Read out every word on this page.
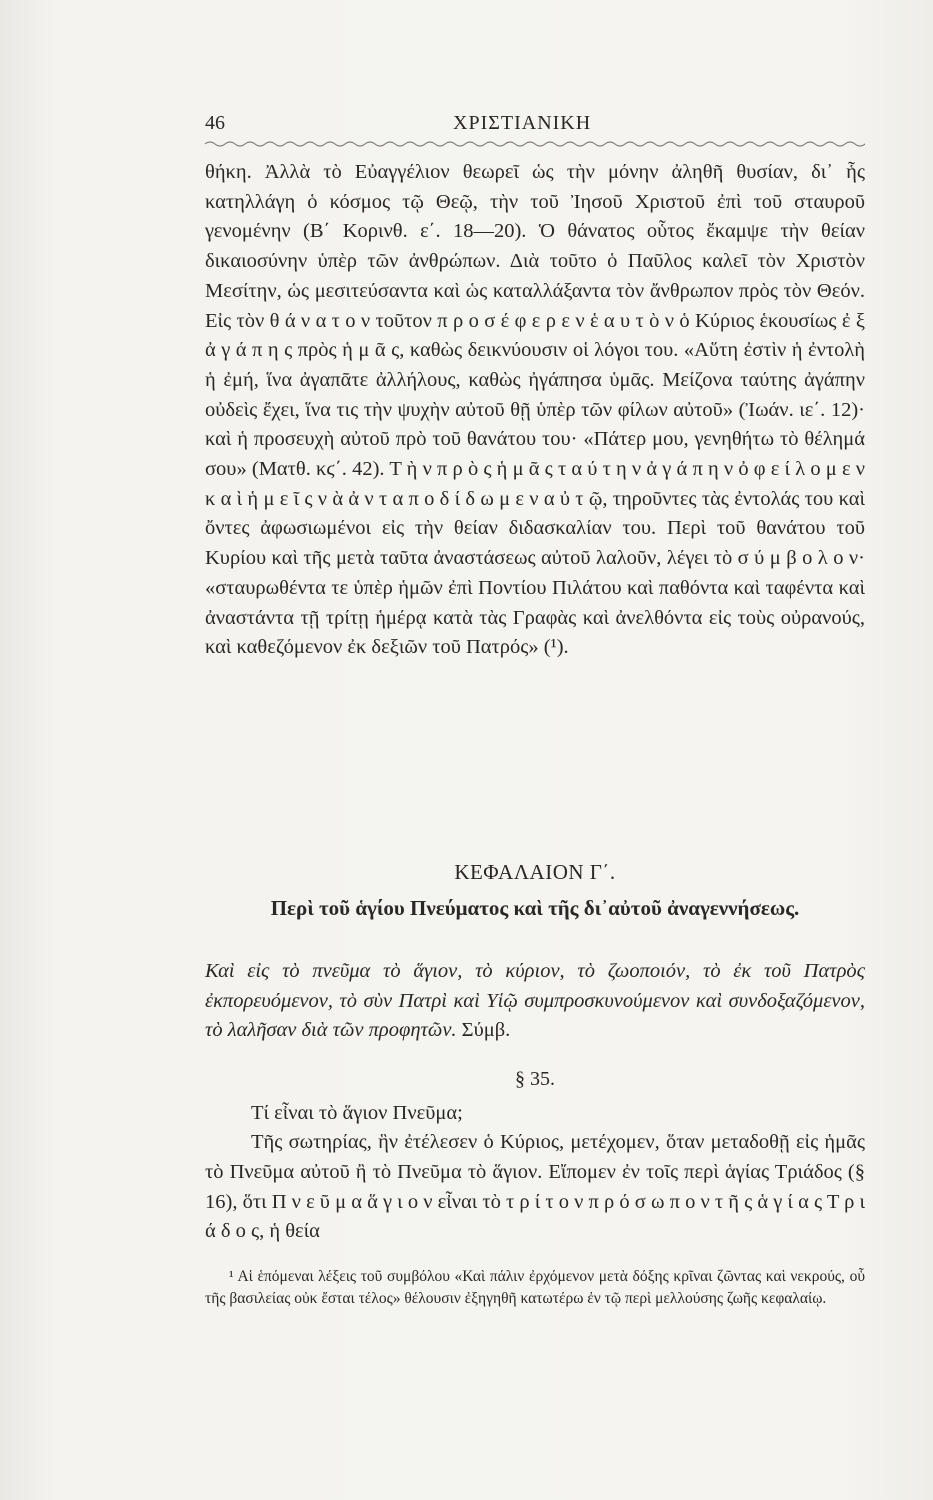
46	ΧΡΙΣΤΙΑΝΙΚΗ

θήκη. Ἀλλὰ τὸ Εὐαγγέλιον θεωρεῖ ὡς τὴν μόνην ἀληθῆ θυσίαν, δι᾽ ἧς κατηλλάγη ὁ κόσμος τῷ Θεῷ, τὴν τοῦ Ἰησοῦ Χριστοῦ ἐπὶ τοῦ σταυροῦ γενομένην (Β΄ Κορινθ. ε΄. 18—20). Ὁ θάνατος οὗτος ἔκαμψε τὴν θείαν δικαιοσύνην ὑπὲρ τῶν ἀνθρώπων. Διὰ τοῦτο ὁ Παῦλος καλεῖ τὸν Χριστὸν Μεσίτην, ὡς μεσιτεύσαντα καὶ ὡς καταλλάξαντα τὸν ἄνθρωπον πρὸς τὸν Θεόν. Εἰς τὸν θ ά ν α τ ο ν τοῦτον π ρ ο σ έ φ ε ρ ε ν ἑ α υ τ ὸ ν ὁ Κύριος ἑκουσίως ἐ ξ ἀ γ ά π η ς πρὸς ἡ μ ᾶ ς, καθὼς δεικνύουσιν οἱ λόγοι του. «Αὕτη ἐστὶν ἡ ἐντολὴ ἡ ἐμή, ἵνα ἀγαπᾶτε ἀλλήλους, καθὼς ἠγάπησα ὑμᾶς. Μείζονα ταύτης ἀγάπην οὐδεὶς ἔχει, ἵνα τις τὴν ψυχὴν αὐτοῦ θῇ ὑπὲρ τῶν φίλων αὐτοῦ» (Ἰωάν. ιε΄. 12)· καὶ ἡ προσευχὴ αὐτοῦ πρὸ τοῦ θανάτου του· «Πάτερ μου, γενηθήτω τὸ θέλημά σου» (Ματθ. κϛ΄. 42). Τ ὴ ν π ρ ὸ ς ἡ μ ᾶ ς τ α ύ τ η ν ἀ γ ά π η ν ὀ φ ε ί λ ο μ ε ν κ α ὶ ἡ μ ε ῖ ς ν ὰ ἀ ν τ α π ο δ ί δ ω μ ε ν α ὐ τ ῷ, τηροῦντες τὰς ἐντολάς του καὶ ὄντες ἀφωσιωμένοι εἰς τὴν θείαν διδασκαλίαν του. Περὶ τοῦ θανάτου τοῦ Κυρίου καὶ τῆς μετὰ ταῦτα ἀναστάσεως αὐτοῦ λαλοῦν, λέγει τὸ σ ύ μ β ο λ ο ν· «σταυρωθέντα τε ὑπὲρ ἡμῶν ἐπὶ Ποντίου Πιλάτου καὶ παθόντα καὶ ταφέντα καὶ ἀναστάντα τῇ τρίτῃ ἡμέρᾳ κατὰ τὰς Γραφὰς καὶ ἀνελθόντα εἰς τοὺς οὐρανούς, καὶ καθεζόμενον ἐκ δεξιῶν τοῦ Πατρός» (¹).

ΚΕΦΑΛΑΙΟΝ Γ΄.
Περὶ τοῦ ἁγίου Πνεύματος καὶ τῆς δι᾽αὐτοῦ ἀναγεννήσεως.
Καὶ εἰς τὸ πνεῦμα τὸ ἅγιον, τὸ κύριον, τὸ ζωοποιόν, τὸ ἐκ τοῦ Πατρὸς ἐκπορευόμενον, τὸ σὺν Πατρὶ καὶ Υἱῷ συμπροσκυνούμενον καὶ συνδοξαζόμενον, τὸ λαλῆσαν διὰ τῶν προφητῶν. Σύμβ.
§ 35.
Τί εἶναι τὸ ἅγιον Πνεῦμα;
Τῆς σωτηρίας, ἣν ἐτέλεσεν ὁ Κύριος, μετέχομεν, ὅταν μεταδοθῇ εἰς ἡμᾶς τὸ Πνεῦμα αὐτοῦ ἢ τὸ Πνεῦμα τὸ ἅγιον. Εἴπομεν ἐν τοῖς περὶ ἁγίας Τριάδος (§ 16), ὅτι Π ν ε ῦ μ α ἅ γ ι ο ν εἶναι τὸ τ ρ ί τ ο ν π ρ ό σ ω π ο ν τ ῆ ς ἁ γ ί α ς Τ ρ ι ά δ ο ς, ἡ θεία
¹ Αἱ ἑπόμεναι λέξεις τοῦ συμβόλου «Καὶ πάλιν ἐρχόμενον μετὰ δόξης κρῖναι ζῶντας καὶ νεκρούς, οὗ τῆς βασιλείας οὐκ ἔσται τέλος» θέλουσιν ἐξηγηθῆ κατωτέρω ἐν τῷ περὶ μελλούσης ζωῆς κεφαλαίῳ.
